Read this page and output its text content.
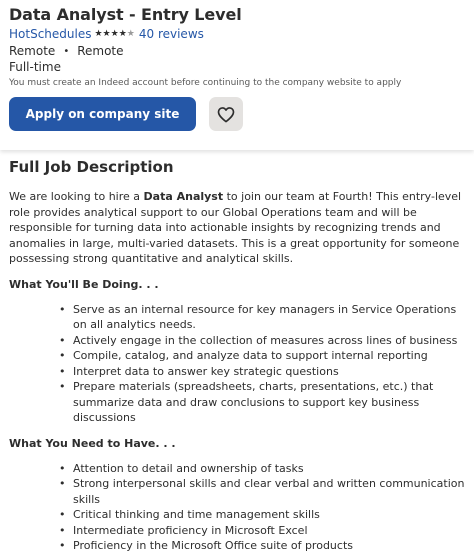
Data Analyst - Entry Level
HotSchedules ★ ★ ★ ★ ★ 40 reviews
Remote • Remote
Full-time
You must create an Indeed account before continuing to the company website to apply
Apply on company site
Full Job Description

We are looking to hire a Data Analyst to join our team at Fourth! This entry-level role provides analytical support to our Global Operations team and will be responsible for turning data into actionable insights by recognizing trends and anomalies in large, multi-varied datasets. This is a great opportunity for someone possessing strong quantitative and analytical skills.

What You'll Be Doing. . .
• Serve as an internal resource for key managers in Service Operations on all analytics needs.
• Actively engage in the collection of measures across lines of business
• Compile, catalog, and analyze data to support internal reporting
• Interpret data to answer key strategic questions
• Prepare materials (spreadsheets, charts, presentations, etc.) that summarize data and draw conclusions to support key business discussions
What You Need to Have. . .
• Attention to detail and ownership of tasks
• Strong interpersonal skills and clear verbal and written communication skills
• Critical thinking and time management skills
• Intermediate proficiency in Microsoft Excel
• Proficiency in the Microsoft Office suite of products
